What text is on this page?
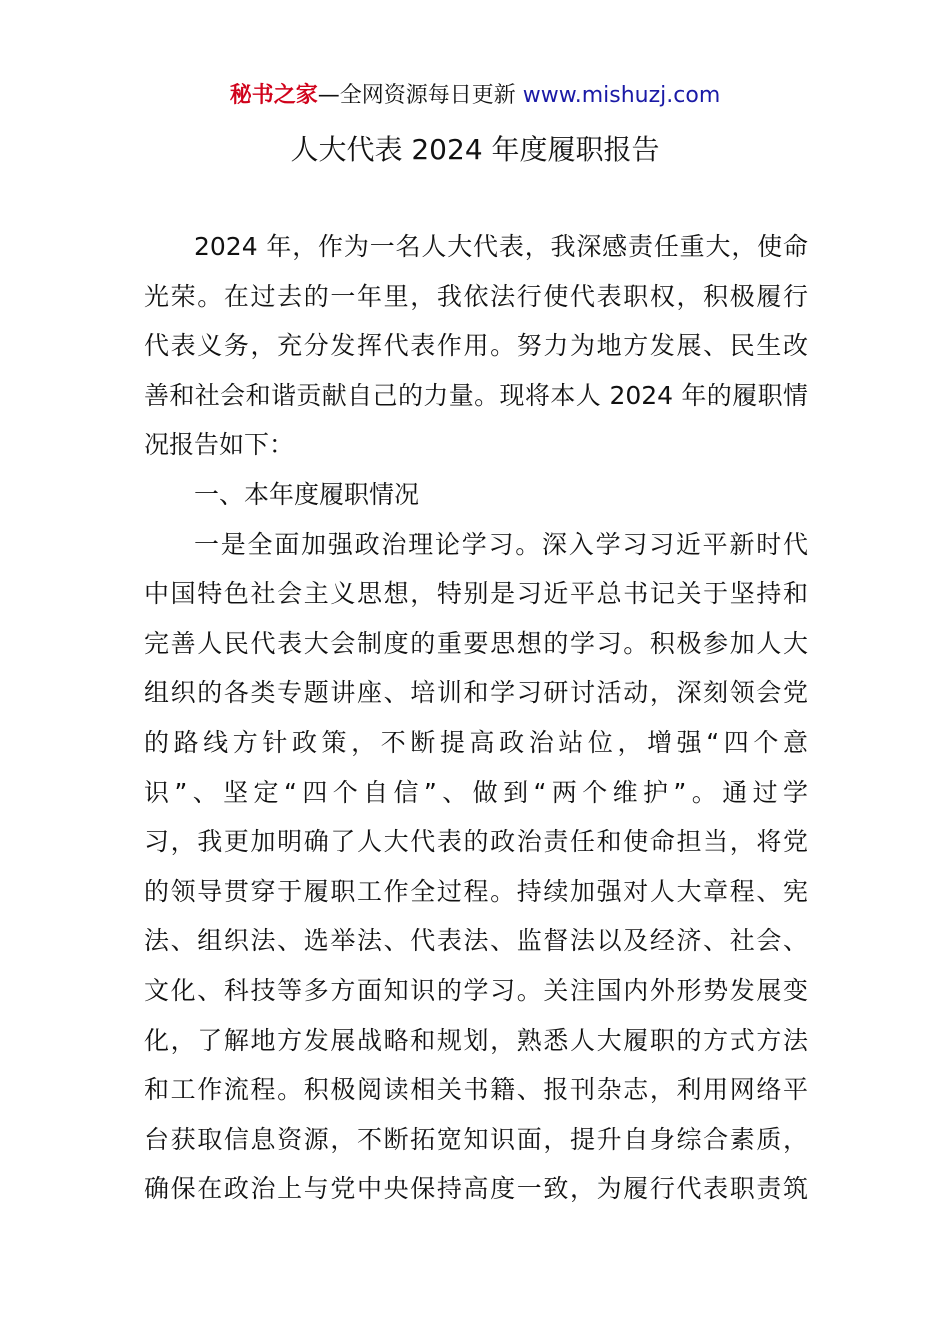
秘书之家—全网资源每日更新 www.mishuzj.com
人大代表 2024 年度履职报告
2024 年，作为一名人大代表，我深感责任重大，使命
光荣。在过去的一年里，我依法行使代表职权，积极履行
代表义务，充分发挥代表作用。努力为地方发展、民生改
善和社会和谐贡献自己的力量。现将本人 2024 年的履职情
况报告如下：
一、本年度履职情况
一是全面加强政治理论学习。深入学习习近平新时代
中国特色社会主义思想，特别是习近平总书记关于坚持和
完善人民代表大会制度的重要思想的学习。积极参加人大
组织的各类专题讲座、培训和学习研讨活动，深刻领会党
的路线方针政策，不断提高政治站位，增强“四个意
识”、坚定“四个自信”、做到“两个维护”。通过学
习，我更加明确了人大代表的政治责任和使命担当，将党
的领导贯穿于履职工作全过程。持续加强对人大章程、宪
法、组织法、选举法、代表法、监督法以及经济、社会、
文化、科技等多方面知识的学习。关注国内外形势发展变
化，了解地方发展战略和规划，熟悉人大履职的方式方法
和工作流程。积极阅读相关书籍、报刊杂志，利用网络平
台获取信息资源，不断拓宽知识面，提升自身综合素质，
确保在政治上与党中央保持高度一致，为履行代表职责筑
